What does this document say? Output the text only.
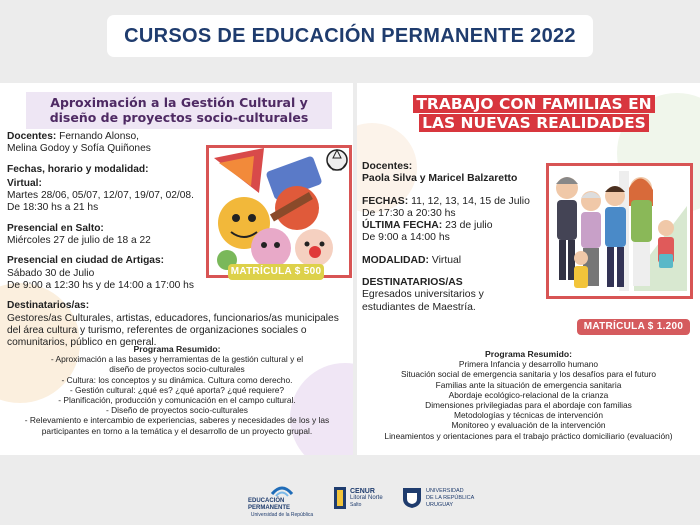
CURSOS DE EDUCACIÓN PERMANENTE 2022
Aproximación a la Gestión Cultural y
diseño de proyectos socio-culturales
MATRÍCULA $ 500
Docentes: Fernando Alonso,
Melina Godoy y Sofía Quiñones
Fechas, horario y modalidad:
Virtual:
Martes 28/06, 05/07, 12/07, 19/07, 02/08.
De 18:30 hs a 21 hs
Presencial en Salto:
Miércoles 27 de julio de 18 a 22
Presencial en ciudad de Artigas:
Sábado 30 de Julio
De 9:00 a 12:30 hs y de 14:00 a 17:00 hs
Destinatarios/as:
Gestores/as Culturales, artistas, educadores, funcionarios/as municipales
del área cultura y turismo, referentes de organizaciones sociales o
comunitarios, público en general.
Programa Resumido:
- Aproximación a las bases y herramientas de la gestión cultural y el
diseño de proyectos socio-culturales
- Cultura: los conceptos y su dinámica. Cultura como derecho.
- Gestión cultural: ¿qué es? ¿qué aporta? ¿qué requiere?
- Planificación, producción y comunicación en el campo cultural.
- Diseño de proyectos socio-culturales
- Relevamiento e intercambio de experiencias, saberes y necesidades de los y las
participantes en torno a la temática y el desarrollo de un proyecto grupal.
TRABAJO CON FAMILIAS EN
LAS NUEVAS REALIDADES
MATRÍCULA $ 1.200
Docentes:
Paola Silva y Maricel Balzaretto
FECHAS: 11, 12, 13, 14, 15 de Julio
De 17:30 a 20:30 hs
ÚLTIMA FECHA: 23 de julio
De 9:00 a 14:00 hs
MODALIDAD: Virtual
DESTINATARIOS/AS
Egresados universitarios y
estudiantes de Maestría.
Programa Resumido:
Primera Infancia y desarrollo humano
Situación social de emergencia sanitaria y los desafíos para el futuro
Familias ante la situación de emergencia sanitaria
Abordaje ecológico-relacional de la crianza
Dimensiones privilegiadas para el abordaje con familias
Metodologías y técnicas de intervención
Monitoreo y evaluación de la intervención
Lineamientos y orientaciones para el trabajo práctico domiciliario (evaluación)
EDUCACIÓN PERMANENTE
Universidad de la República
CENUR
Litoral Norte
Salto
UNIVERSIDAD
DE LA REPÚBLICA
URUGUAY
